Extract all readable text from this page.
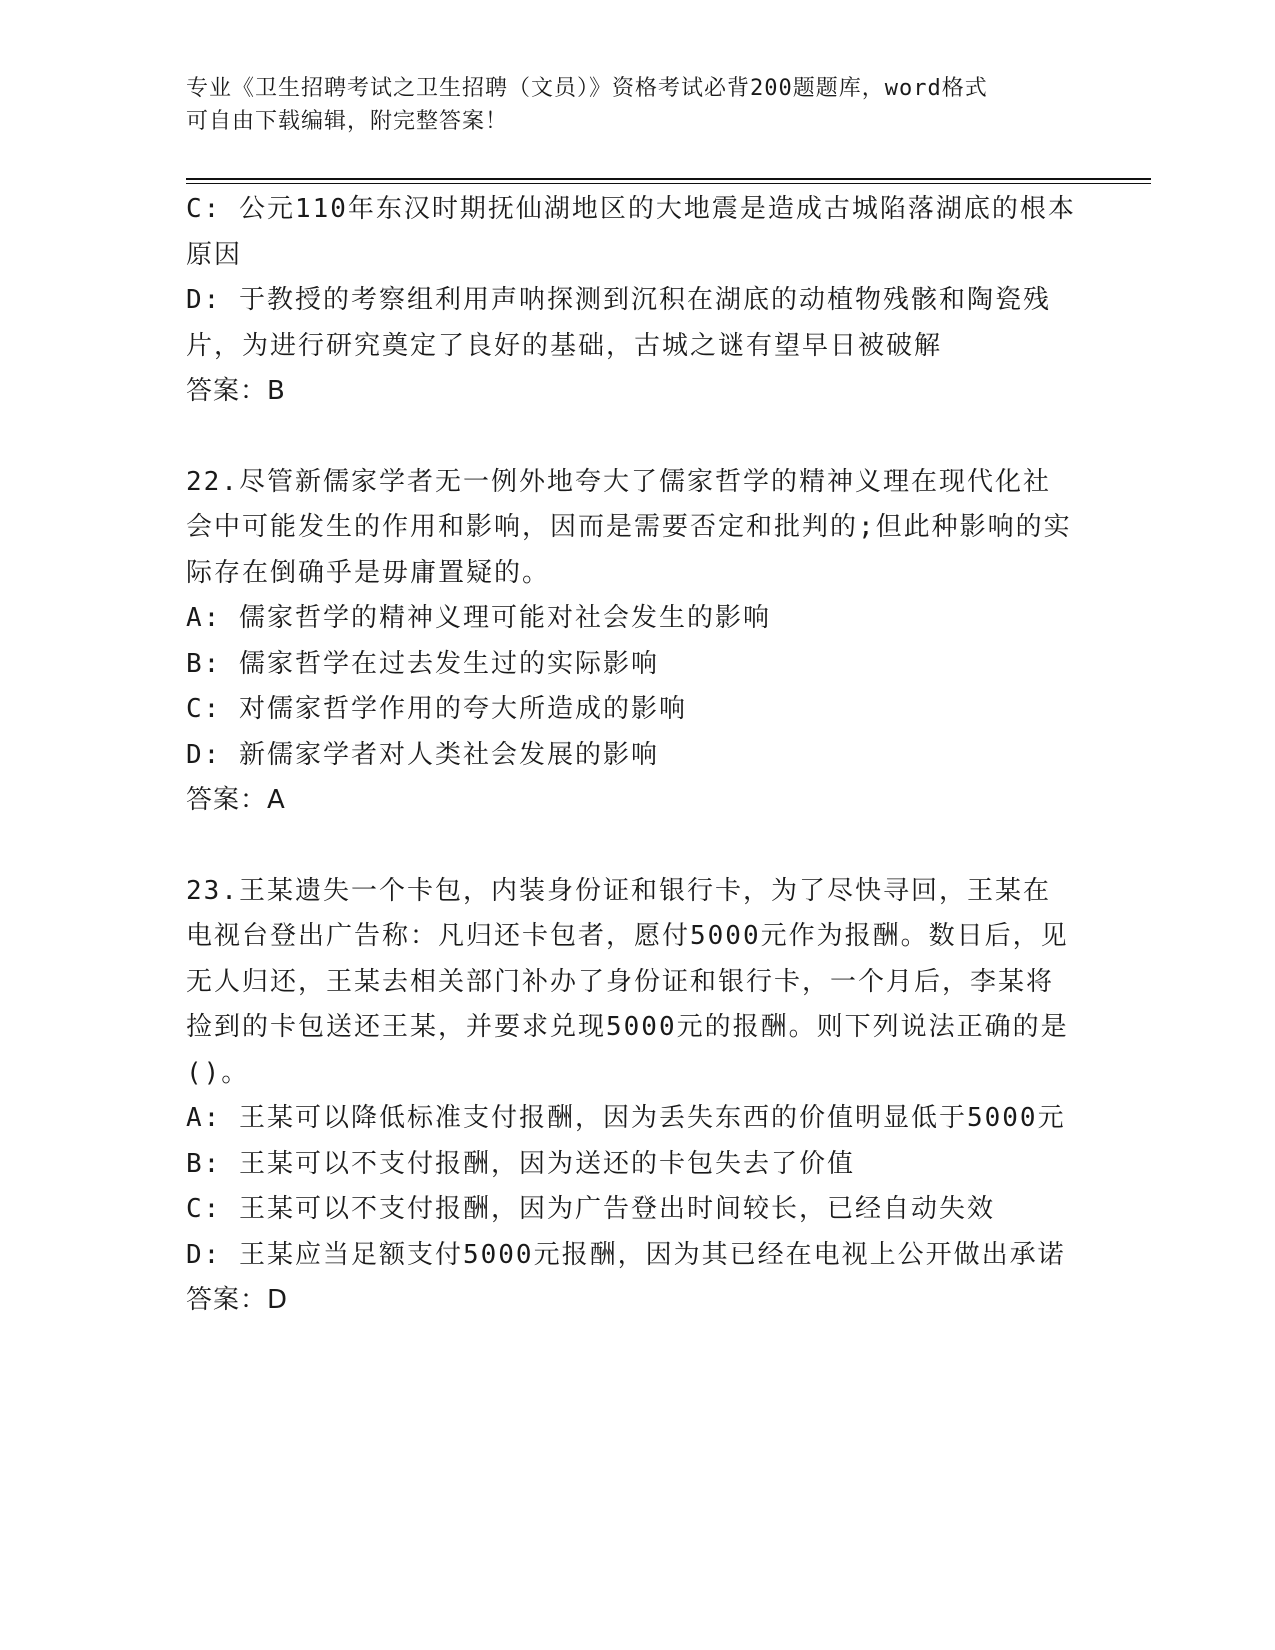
专业《卫生招聘考试之卫生招聘（文员）》资格考试必背200题题库，word格式
可自由下载编辑，附完整答案！

C: 公元110年东汉时期抚仙湖地区的大地震是造成古城陷落湖底的根本原因

D: 于教授的考察组利用声呐探测到沉积在湖底的动植物残骸和陶瓷残片，为进行研究奠定了良好的基础，古城之谜有望早日被破解

答案：B

22.尽管新儒家学者无一例外地夸大了儒家哲学的精神义理在现代化社会中可能发生的作用和影响，因而是需要否定和批判的;但此种影响的实际存在倒确乎是毋庸置疑的。

A: 儒家哲学的精神义理可能对社会发生的影响

B: 儒家哲学在过去发生过的实际影响

C: 对儒家哲学作用的夸大所造成的影响

D: 新儒家学者对人类社会发展的影响

答案：A

23.王某遗失一个卡包，内装身份证和银行卡，为了尽快寻回，王某在电视台登出广告称：凡归还卡包者，愿付5000元作为报酬。数日后，见无人归还，王某去相关部门补办了身份证和银行卡，一个月后，李某将捡到的卡包送还王某，并要求兑现5000元的报酬。则下列说法正确的是()。

A: 王某可以降低标准支付报酬，因为丢失东西的价值明显低于5000元

B: 王某可以不支付报酬，因为送还的卡包失去了价值

C: 王某可以不支付报酬，因为广告登出时间较长，已经自动失效

D: 王某应当足额支付5000元报酬，因为其已经在电视上公开做出承诺

答案：D
